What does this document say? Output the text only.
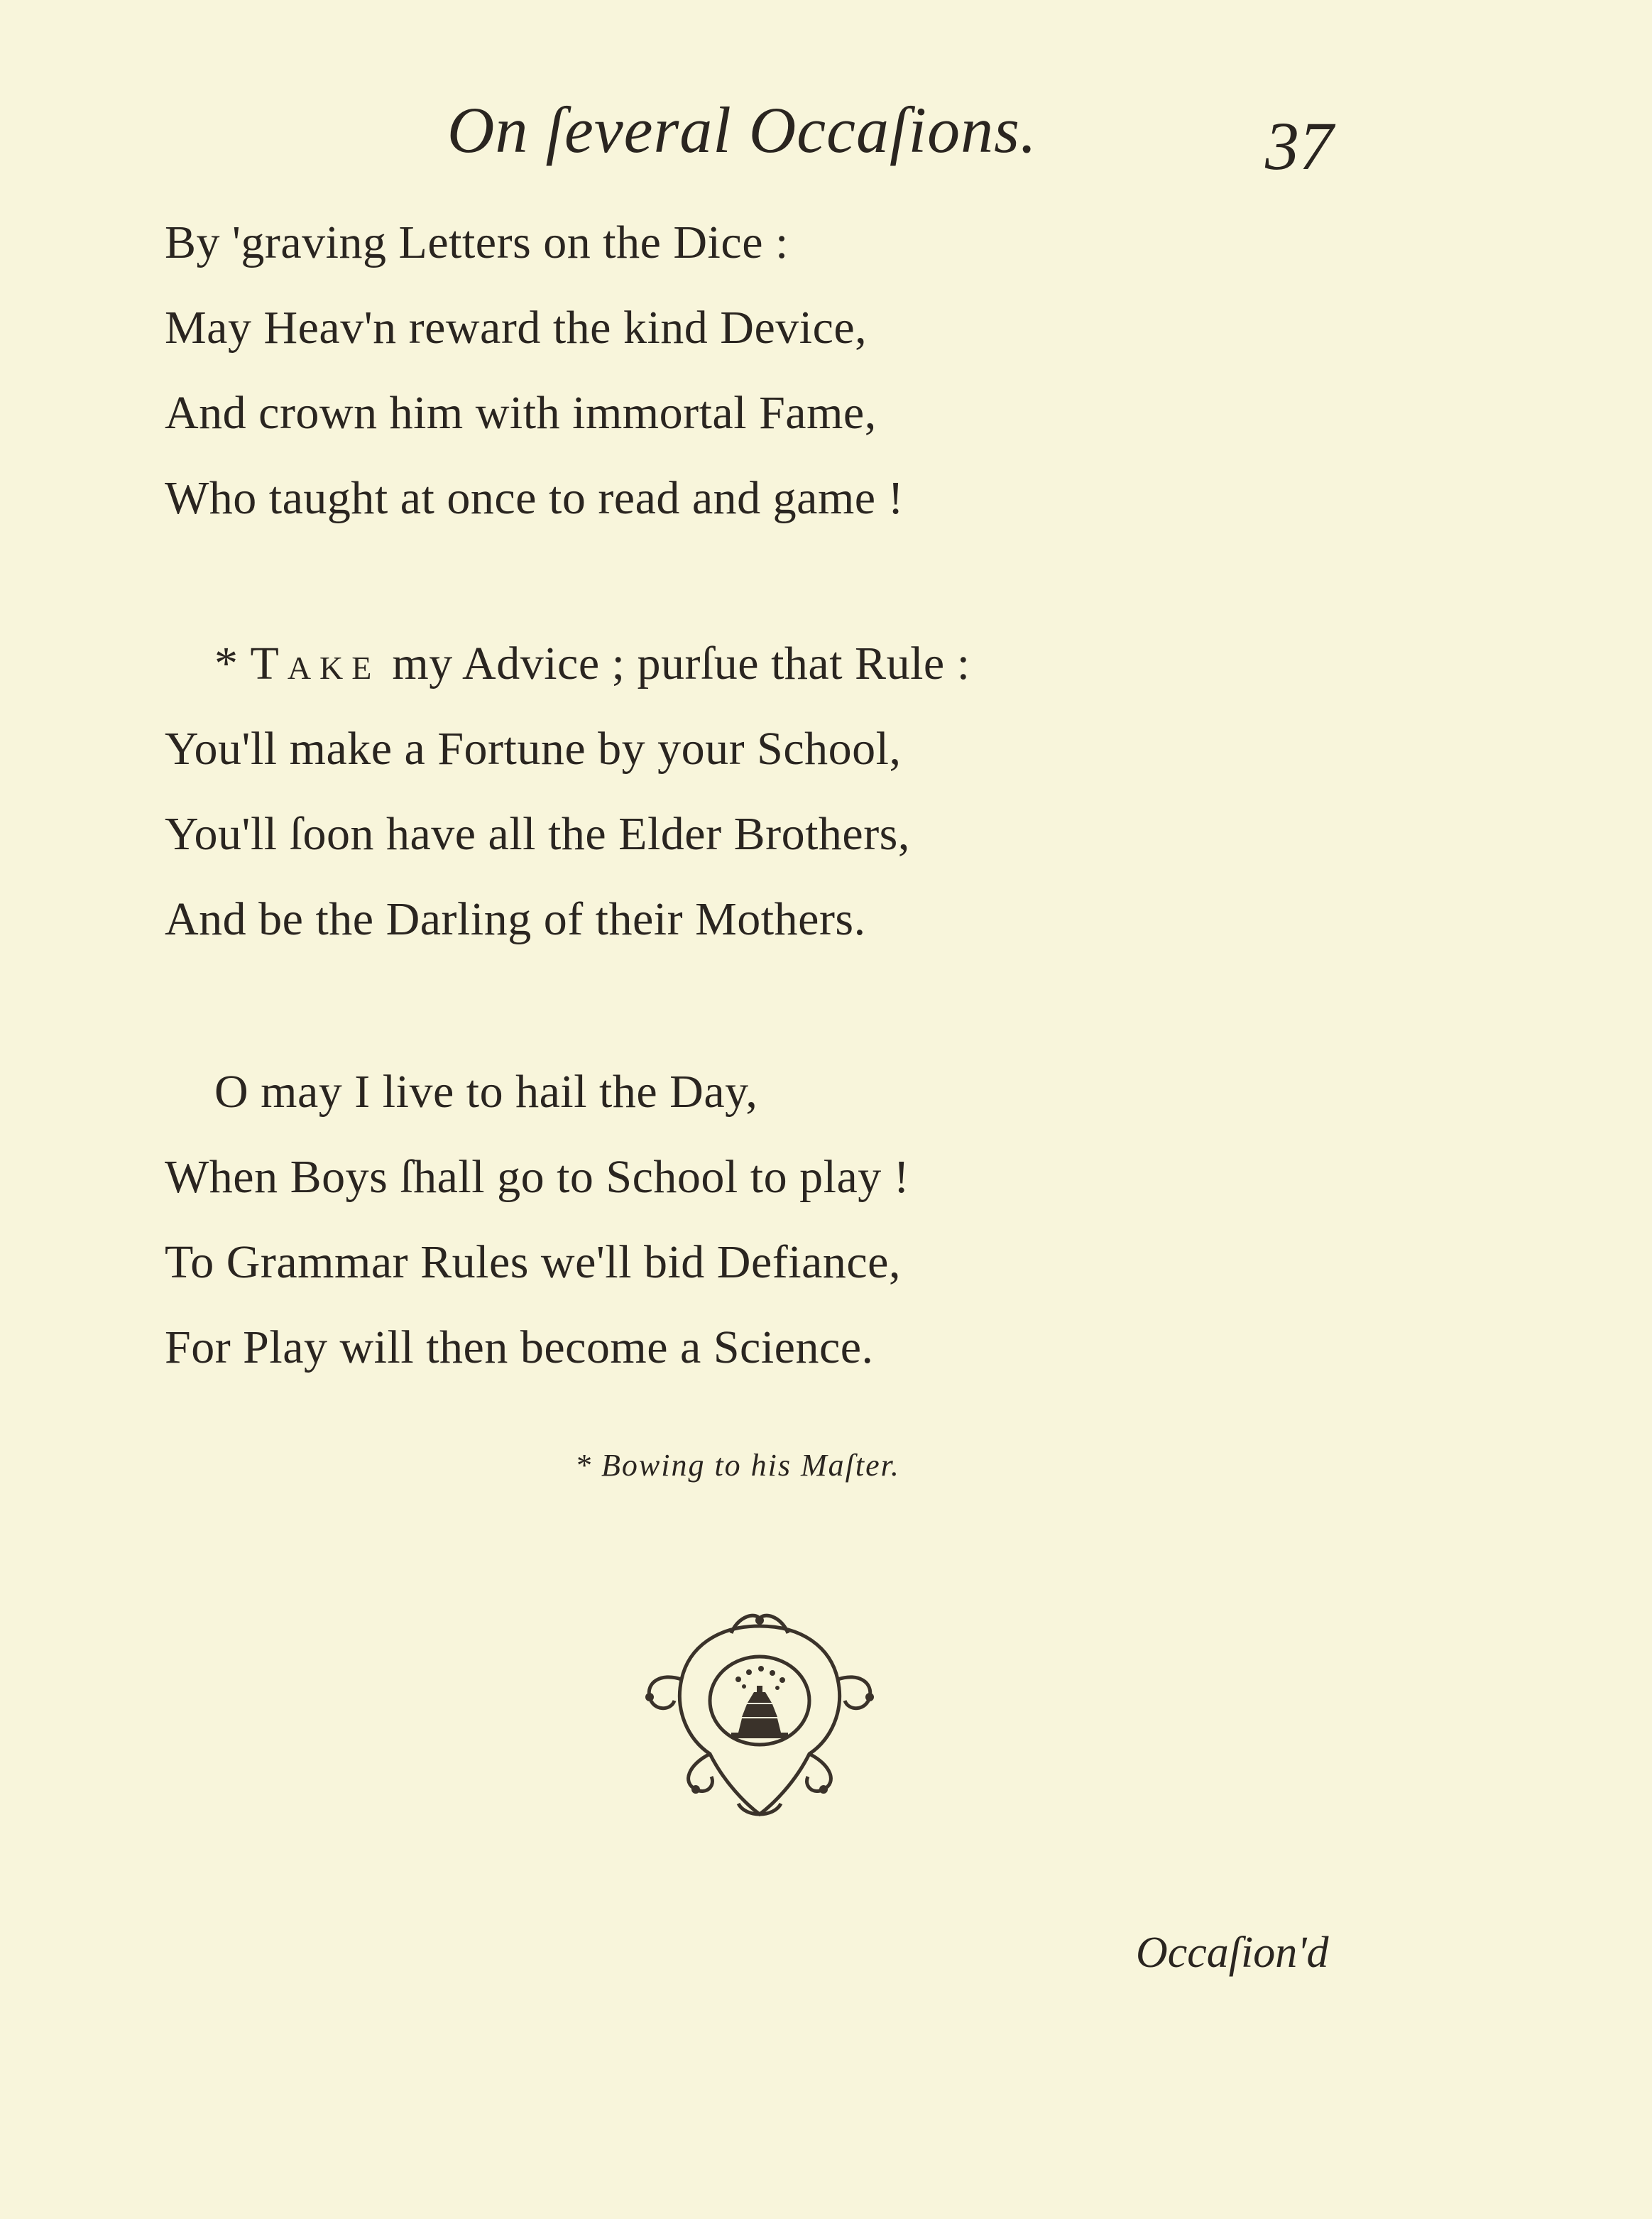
On ſeveral Occaſions.	37
By 'graving Letters on the Dice :
May Heav'n reward the kind Device,
And crown him with immortal Fame,
Who taught at once to read and game !
* Take my Advice ; purſue that Rule :
You'll make a Fortune by your School,
You'll ſoon have all the Elder Brothers,
And be the Darling of their Mothers.
O may I live to hail the Day,
When Boys ſhall go to School to play !
To Grammar Rules we'll bid Defiance,
For Play will then become a Science.
* Bowing to his Maſter.
Occaſion'd
